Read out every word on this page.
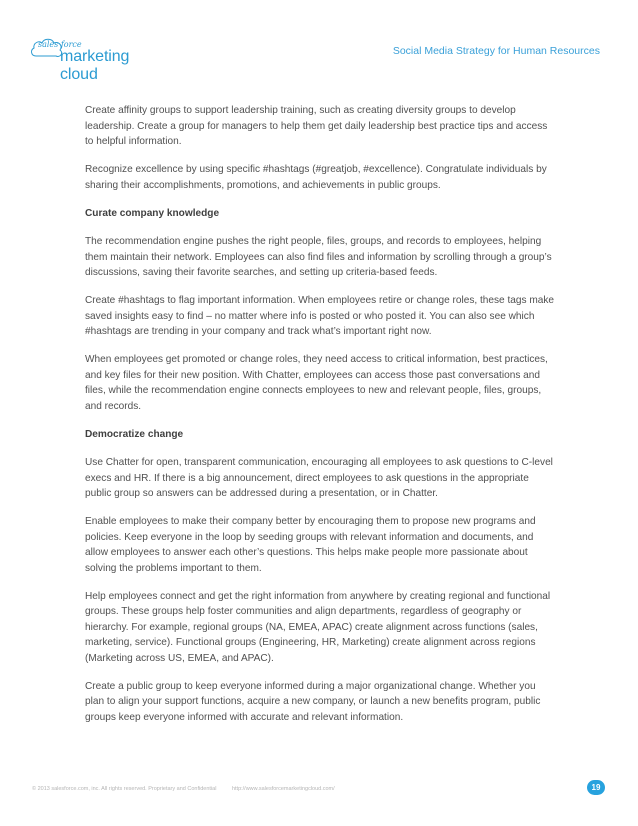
sales force
marketing cloud
Social Media Strategy for Human Resources

Create affinity groups to support leadership training, such as creating diversity groups to develop leadership. Create a group for managers to help them get daily leadership best practice tips and access to helpful information.

Recognize excellence by using specific #hashtags (#greatjob, #excellence). Congratulate individuals by sharing their accomplishments, promotions, and achievements in public groups.

Curate company knowledge

The recommendation engine pushes the right people, files, groups, and records to employees, helping them maintain their network. Employees can also find files and information by scrolling through a group’s discussions, saving their favorite searches, and setting up criteria-based feeds.

Create #hashtags to flag important information. When employees retire or change roles, these tags make saved insights easy to find – no matter where info is posted or who posted it. You can also see which #hashtags are trending in your company and track what’s important right now.

When employees get promoted or change roles, they need access to critical information, best practices, and key files for their new position. With Chatter, employees can access those past conversations and files, while the recommendation engine connects employees to new and relevant people, files, groups, and records.

Democratize change

Use Chatter for open, transparent communication, encouraging all employees to ask questions to C-level execs and HR. If there is a big announcement, direct employees to ask questions in the appropriate public group so answers can be addressed during a presentation, or in Chatter.

Enable employees to make their company better by encouraging them to propose new programs and policies. Keep everyone in the loop by seeding groups with relevant information and documents, and allow employees to answer each other’s questions. This helps make people more passionate about solving the problems important to them.

Help employees connect and get the right information from anywhere by creating regional and functional groups. These groups help foster communities and align departments, regardless of geography or hierarchy. For example, regional groups (NA, EMEA, APAC) create alignment across functions (sales, marketing, service). Functional groups (Engineering, HR, Marketing) create alignment across regions (Marketing across US, EMEA, and APAC).

Create a public group to keep everyone informed during a major organizational change. Whether you plan to align your support functions, acquire a new company, or launch a new benefits program, public groups keep everyone informed with accurate and relevant information.

© 2013 salesforce.com, inc. All rights reserved. Proprietary and Confidential	http://www.salesforcemarketingcloud.com/	19
